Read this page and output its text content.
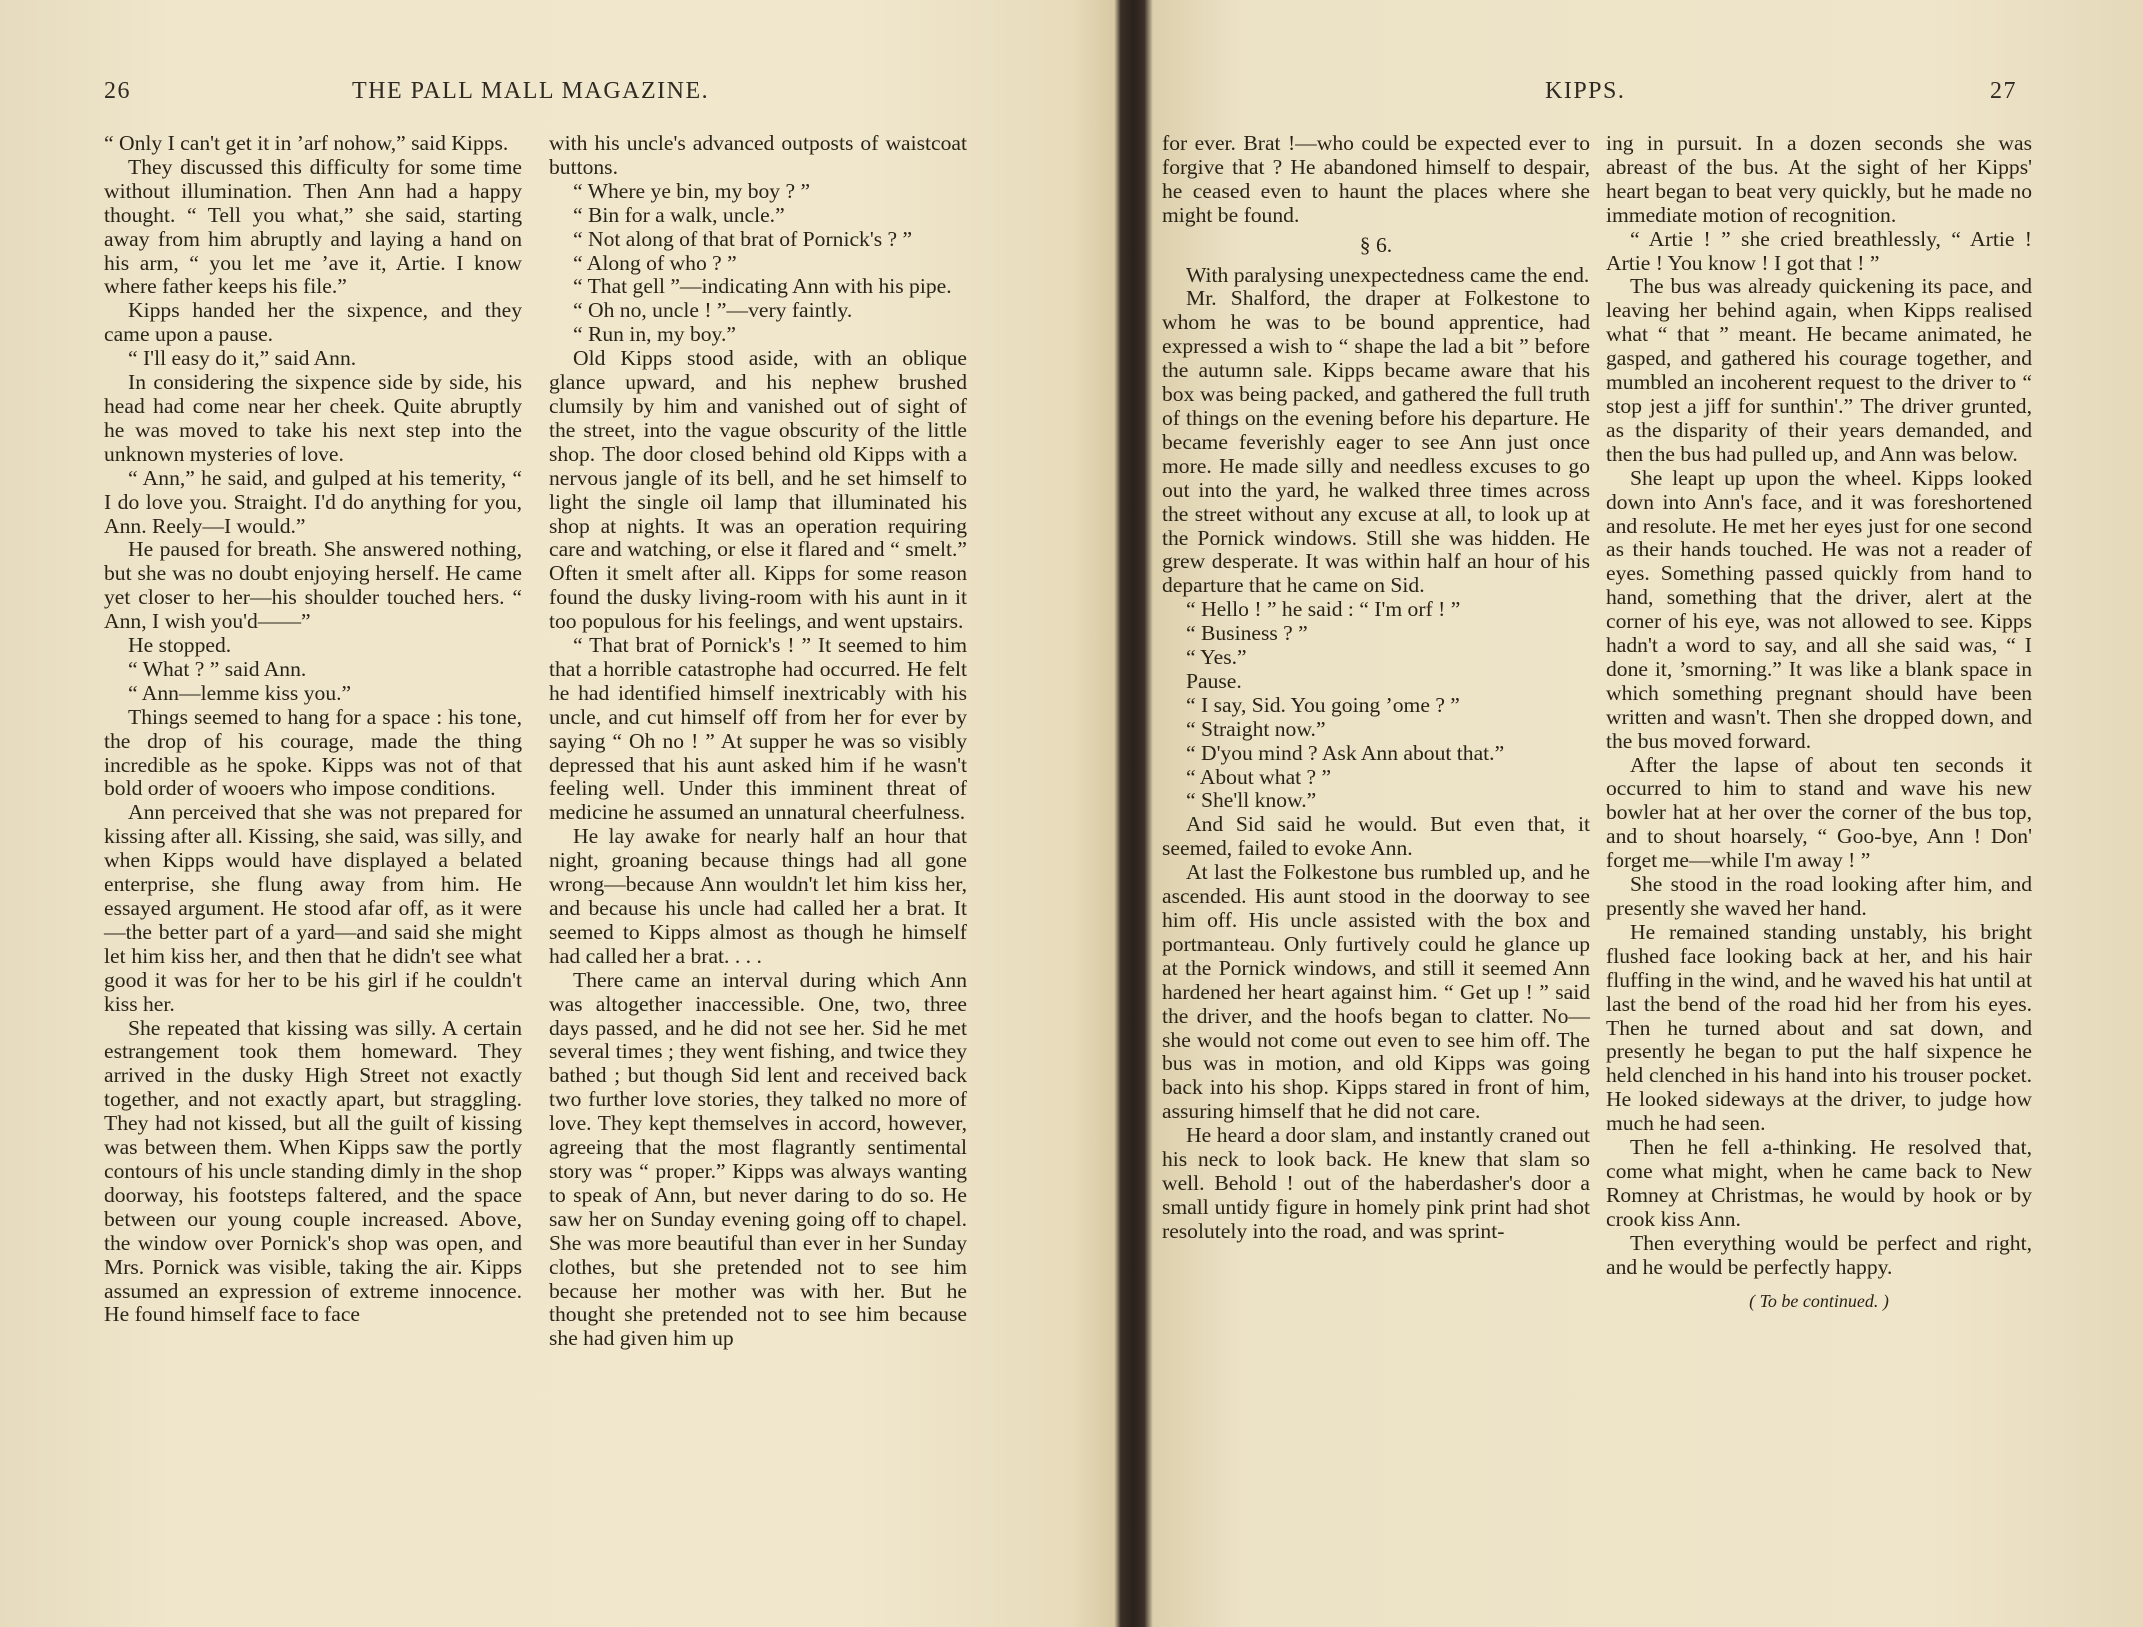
26	THE PALL MALL MAGAZINE.

“ Only I can't get it in ’arf nohow,” said Kipps.

They discussed this difficulty for some time without illumination. Then Ann had a happy thought. “ Tell you what,” she said, starting away from him abruptly and laying a hand on his arm, “ you let me ’ave it, Artie. I know where father keeps his file.”

Kipps handed her the sixpence, and they came upon a pause.

“ I'll easy do it,” said Ann.

In considering the sixpence side by side, his head had come near her cheek. Quite abruptly he was moved to take his next step into the unknown mysteries of love.

“ Ann,” he said, and gulped at his temerity, “ I do love you. Straight. I'd do anything for you, Ann. Reely—I would.”

He paused for breath. She answered nothing, but she was no doubt enjoying herself. He came yet closer to her—his shoulder touched hers. “ Ann, I wish you'd——”

He stopped.

“ What ? ” said Ann.

“ Ann—lemme kiss you.”

Things seemed to hang for a space : his tone, the drop of his courage, made the thing incredible as he spoke. Kipps was not of that bold order of wooers who impose conditions.

Ann perceived that she was not prepared for kissing after all. Kissing, she said, was silly, and when Kipps would have displayed a belated enterprise, she flung away from him. He essayed argument. He stood afar off, as it were—the better part of a yard—and said she might let him kiss her, and then that he didn't see what good it was for her to be his girl if he couldn't kiss her.

She repeated that kissing was silly. A certain estrangement took them homeward. They arrived in the dusky High Street not exactly together, and not exactly apart, but straggling. They had not kissed, but all the guilt of kissing was between them. When Kipps saw the portly contours of his uncle standing dimly in the shop doorway, his footsteps faltered, and the space between our young couple increased. Above, the window over Pornick's shop was open, and Mrs. Pornick was visible, taking the air. Kipps assumed an expression of extreme innocence. He found himself face to face

with his uncle's advanced outposts of waistcoat buttons.

“ Where ye bin, my boy ? ”

“ Bin for a walk, uncle.”

“ Not along of that brat of Pornick's ? ”

“ Along of who ? ”

“ That gell ”—indicating Ann with his pipe.

“ Oh no, uncle ! ”—very faintly.

“ Run in, my boy.”

Old Kipps stood aside, with an oblique glance upward, and his nephew brushed clumsily by him and vanished out of sight of the street, into the vague obscurity of the little shop. The door closed behind old Kipps with a nervous jangle of its bell, and he set himself to light the single oil lamp that illuminated his shop at nights. It was an operation requiring care and watching, or else it flared and “ smelt.” Often it smelt after all. Kipps for some reason found the dusky living-room with his aunt in it too populous for his feelings, and went upstairs.

“ That brat of Pornick's ! ” It seemed to him that a horrible catastrophe had occurred. He felt he had identified himself inextricably with his uncle, and cut himself off from her for ever by saying “ Oh no ! ” At supper he was so visibly depressed that his aunt asked him if he wasn't feeling well. Under this imminent threat of medicine he assumed an unnatural cheerfulness.

He lay awake for nearly half an hour that night, groaning because things had all gone wrong—because Ann wouldn't let him kiss her, and because his uncle had called her a brat. It seemed to Kipps almost as though he himself had called her a brat. . . .

There came an interval during which Ann was altogether inaccessible. One, two, three days passed, and he did not see her. Sid he met several times ; they went fishing, and twice they bathed ; but though Sid lent and received back two further love stories, they talked no more of love. They kept themselves in accord, however, agreeing that the most flagrantly sentimental story was “ proper.” Kipps was always wanting to speak of Ann, but never daring to do so. He saw her on Sunday evening going off to chapel. She was more beautiful than ever in her Sunday clothes, but she pretended not to see him because her mother was with her. But he thought she pretended not to see him because she had given him up

KIPPS.	27

for ever. Brat !—who could be expected ever to forgive that ? He abandoned himself to despair, he ceased even to haunt the places where she might be found.

§ 6.

With paralysing unexpectedness came the end.

Mr. Shalford, the draper at Folkestone to whom he was to be bound apprentice, had expressed a wish to “ shape the lad a bit ” before the autumn sale. Kipps became aware that his box was being packed, and gathered the full truth of things on the evening before his departure. He became feverishly eager to see Ann just once more. He made silly and needless excuses to go out into the yard, he walked three times across the street without any excuse at all, to look up at the Pornick windows. Still she was hidden. He grew desperate. It was within half an hour of his departure that he came on Sid.

“ Hello ! ” he said : “ I'm orf ! ”

“ Business ? ”

“ Yes.”

Pause.

“ I say, Sid. You going ’ome ? ”

“ Straight now.”

“ D'you mind ? Ask Ann about that.”

“ About what ? ”

“ She'll know.”

And Sid said he would. But even that, it seemed, failed to evoke Ann.

At last the Folkestone bus rumbled up, and he ascended. His aunt stood in the doorway to see him off. His uncle assisted with the box and portmanteau. Only furtively could he glance up at the Pornick windows, and still it seemed Ann hardened her heart against him. “ Get up ! ” said the driver, and the hoofs began to clatter. No—she would not come out even to see him off. The bus was in motion, and old Kipps was going back into his shop. Kipps stared in front of him, assuring himself that he did not care.

He heard a door slam, and instantly craned out his neck to look back. He knew that slam so well. Behold ! out of the haberdasher's door a small untidy figure in homely pink print had shot resolutely into the road, and was sprint-

ing in pursuit. In a dozen seconds she was abreast of the bus. At the sight of her Kipps' heart began to beat very quickly, but he made no immediate motion of recognition.

“ Artie ! ” she cried breathlessly, “ Artie ! Artie ! You know ! I got that ! ”

The bus was already quickening its pace, and leaving her behind again, when Kipps realised what “ that ” meant. He became animated, he gasped, and gathered his courage together, and mumbled an incoherent request to the driver to “ stop jest a jiff for sunthin'.” The driver grunted, as the disparity of their years demanded, and then the bus had pulled up, and Ann was below.

She leapt up upon the wheel. Kipps looked down into Ann's face, and it was foreshortened and resolute. He met her eyes just for one second as their hands touched. He was not a reader of eyes. Something passed quickly from hand to hand, something that the driver, alert at the corner of his eye, was not allowed to see. Kipps hadn't a word to say, and all she said was, “ I done it, ’smorning.” It was like a blank space in which something pregnant should have been written and wasn't. Then she dropped down, and the bus moved forward.

After the lapse of about ten seconds it occurred to him to stand and wave his new bowler hat at her over the corner of the bus top, and to shout hoarsely, “ Goo-bye, Ann ! Don' forget me—while I'm away ! ”

She stood in the road looking after him, and presently she waved her hand.

He remained standing unstably, his bright flushed face looking back at her, and his hair fluffing in the wind, and he waved his hat until at last the bend of the road hid her from his eyes. Then he turned about and sat down, and presently he began to put the half sixpence he held clenched in his hand into his trouser pocket. He looked sideways at the driver, to judge how much he had seen.

Then he fell a-thinking. He resolved that, come what might, when he came back to New Romney at Christmas, he would by hook or by crook kiss Ann.

Then everything would be perfect and right, and he would be perfectly happy.

( To be continued. )
